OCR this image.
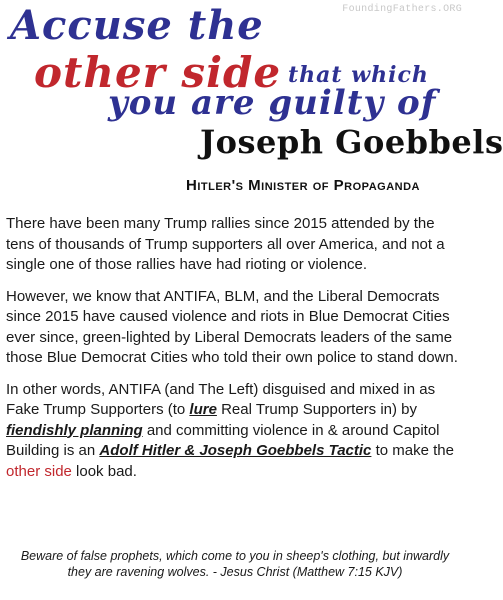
FoundingFathers.ORG
Accuse the
other side that which
you are guilty of
Joseph Goebbels
Hitler's Minister of Propaganda

There have been many Trump rallies since 2015 attended by the tens of thousands of Trump supporters all over America, and not a single one of those rallies have had rioting or violence.

However, we know that ANTIFA, BLM, and the Liberal Democrats since 2015 have caused violence and riots in Blue Democrat Cities ever since, green-lighted by Liberal Democrats leaders of the same those Blue Democrat Cities who told their own police to stand down.

In other words, ANTIFA (and The Left) disguised and mixed in as Fake Trump Supporters (to lure Real Trump Supporters in) by fiendishly planning and committing violence in & around Capitol Building is an Adolf Hitler & Joseph Goebbels Tactic to make the other side look bad.

Beware of false prophets, which come to you in sheep's clothing, but inwardly they are ravening wolves. - Jesus Christ (Matthew 7:15 KJV)
